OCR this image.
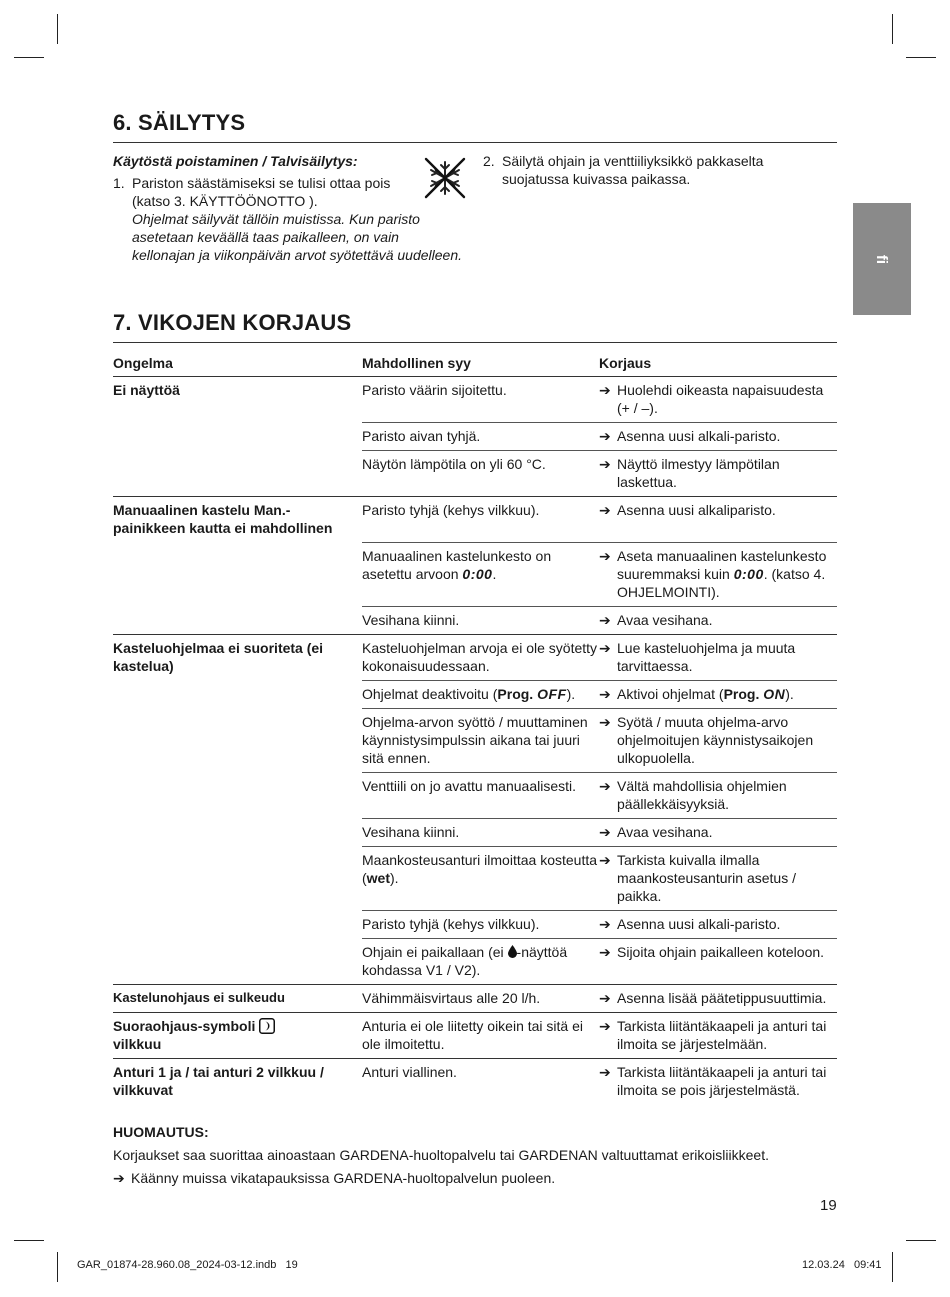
fi
6. SÄILYTYS
Käytöstä poistaminen / Talvisäilytys:
1. Pariston säästämiseksi se tulisi ottaa pois
(katso 3. KÄYTTÖÖNOTTO ).
Ohjelmat säilyvät tällöin muistissa. Kun paristo asetetaan keväällä taas paikalleen, on vain kellonajan ja viikonpäivän arvot syötettävä uudelleen.
2. Säilytä ohjain ja venttiiliyksikkö pakkaselta suojatussa kuivassa paikassa.
7. VIKOJEN KORJAUS
Ongelma	Mahdollinen syy	Korjaus
Ei näyttöä	Paristo väärin sijoitettu.	➔ Huolehdi oikeasta napaisuudesta (+ / –).

	Paristo aivan tyhjä.	➔ Asenna uusi alkali-paristo.

	Näytön lämpötila on yli 60 °C.	➔ Näyttö ilmestyy lämpötilan laskettua.

Manuaalinen kastelu Man.-painikkeen kautta ei mahdollinen	Paristo tyhjä (kehys vilkkuu).	➔ Asenna uusi alkaliparisto.

	Manuaalinen kastelunkesto on asetettu arvoon 0:00.	➔ Aseta manuaalinen kastelunkesto suuremmaksi kuin 0:00. (katso 4. OHJELMOINTI).

	Vesihana kiinni.	➔ Avaa vesihana.

Kasteluohjelmaa ei suoriteta (ei kastelua)	Kasteluohjelman arvoja ei ole syötetty kokonaisuudessaan.	➔ Lue kasteluohjelma ja muuta tarvittaessa.

	Ohjelmat deaktivoitu (Prog. OFF).	➔ Aktivoi ohjelmat (Prog. ON).

	Ohjelma-arvon syöttö / muuttaminen käynnistysimpulssin aikana tai juuri sitä ennen.	➔ Syötä / muuta ohjelma-arvo ohjelmoitujen käynnistysaikojen ulkopuolella.

	Venttiili on jo avattu manuaalisesti.	➔ Vältä mahdollisia ohjelmien päällekkäisyyksiä.

	Vesihana kiinni.	➔ Avaa vesihana.

	Maankosteusanturi ilmoittaa kosteutta (wet).	➔ Tarkista kuivalla ilmalla maankosteusanturin asetus / paikka.

	Paristo tyhjä (kehys vilkkuu).	➔ Asenna uusi alkali-paristo.

	Ohjain ei paikallaan (ei -näyttöä kohdassa V1 / V2).	➔ Sijoita ohjain paikalleen koteloon.

Kastelunohjaus ei sulkeudu	Vähimmäisvirtaus alle 20 l/h.	➔ Asenna lisää päätetippusuuttimia.

Suoraohjaus-symboli
vilkkuu	Anturia ei ole liitetty oikein tai sitä ei ole ilmoitettu.	➔ Tarkista liitäntäkaapeli ja anturi tai ilmoita se järjestelmään.

Anturi 1 ja / tai anturi 2 vilkkuu / vilkkuvat	Anturi viallinen.	➔ Tarkista liitäntäkaapeli ja anturi tai ilmoita se pois järjestelmästä.
HUOMAUTUS:
Korjaukset saa suorittaa ainoastaan GARDENA-huoltopalvelu tai GARDENAN valtuuttamat erikoisliikkeet.
➔ Käänny muissa vikatapauksissa GARDENA-huoltopalvelun puoleen.
19
GAR_01874-28.960.08_2024-03-12.indb   19	12.03.24   09:41
